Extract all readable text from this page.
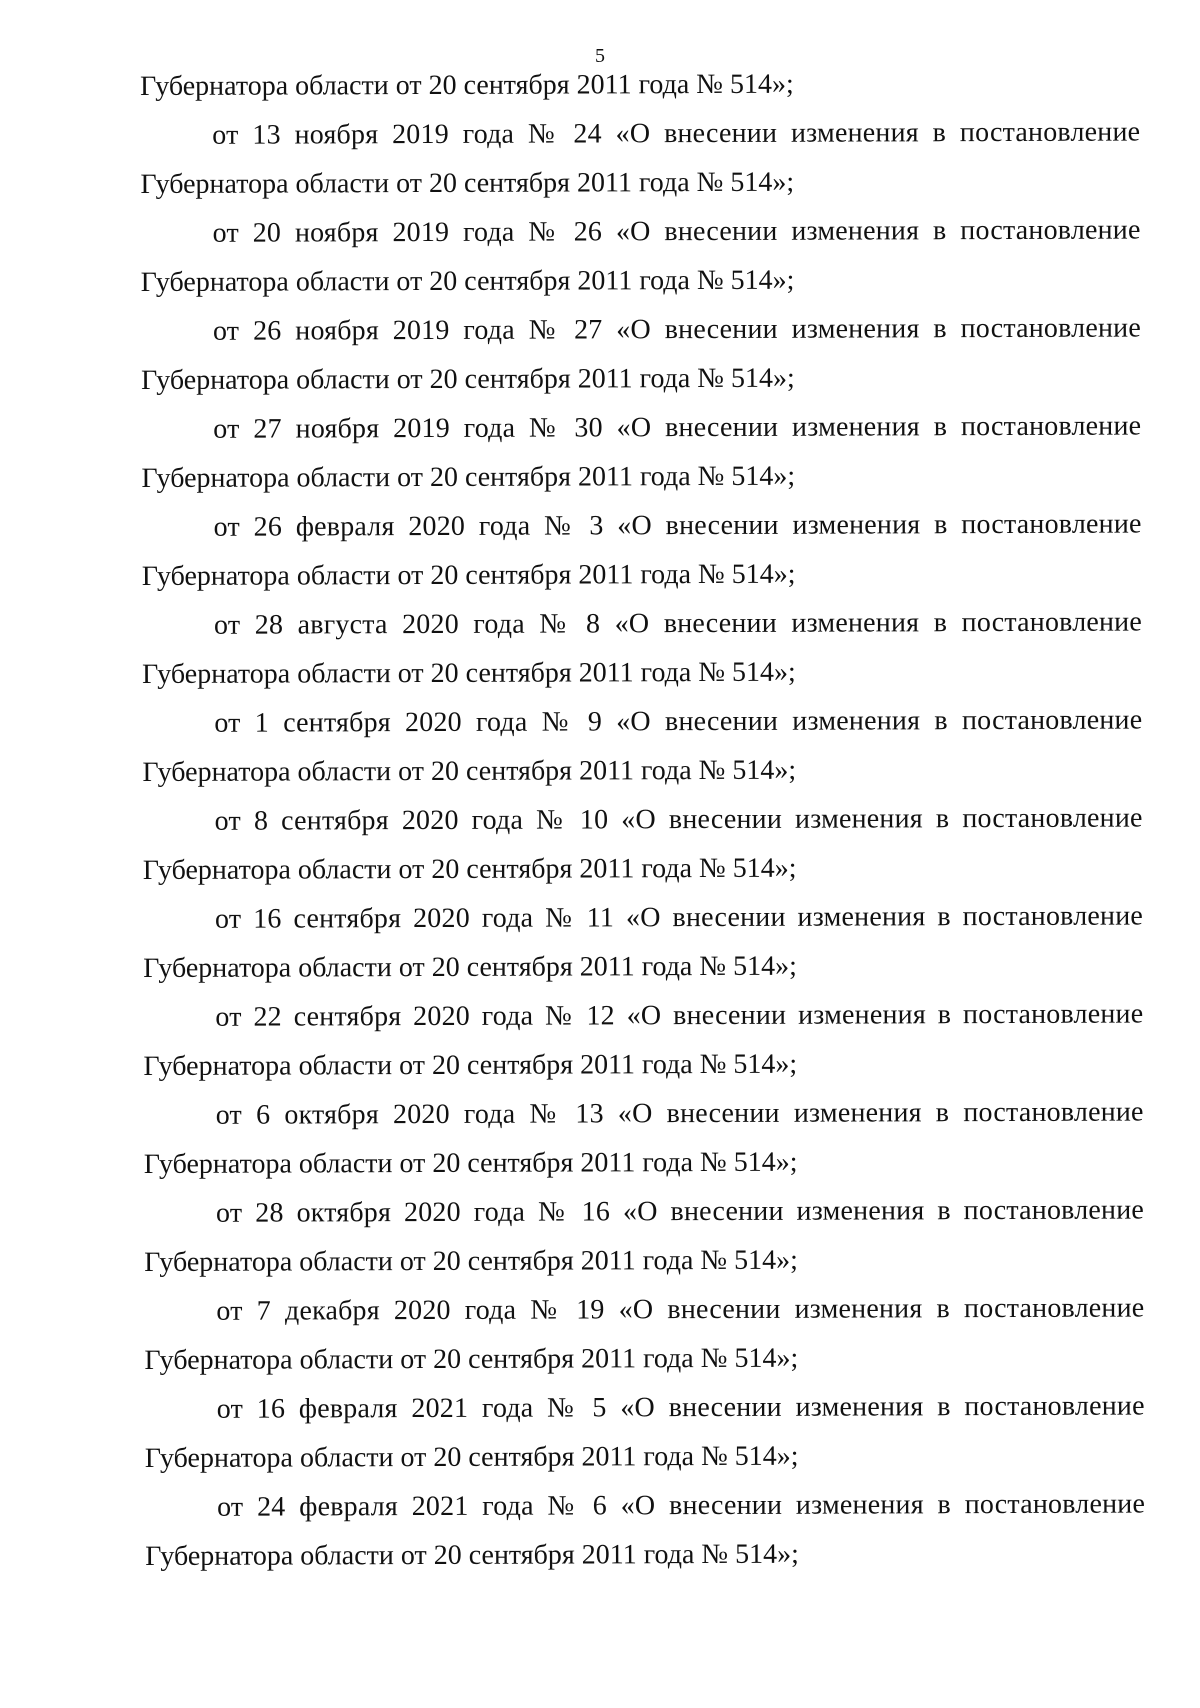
5
Губернатора области от 20 сентября 2011 года № 514»;
от 13 ноября 2019 года № 24 «О внесении изменения в постановление
Губернатора области от 20 сентября 2011 года № 514»;
от 20 ноября 2019 года № 26 «О внесении изменения в постановление
Губернатора области от 20 сентября 2011 года № 514»;
от 26 ноября 2019 года № 27 «О внесении изменения в постановление
Губернатора области от 20 сентября 2011 года № 514»;
от 27 ноября 2019 года № 30 «О внесении изменения в постановление
Губернатора области от 20 сентября 2011 года № 514»;
от 26 февраля 2020 года № 3 «О внесении изменения в постановление
Губернатора области от 20 сентября 2011 года № 514»;
от 28 августа 2020 года № 8 «О внесении изменения в постановление
Губернатора области от 20 сентября 2011 года № 514»;
от 1 сентября 2020 года № 9 «О внесении изменения в постановление
Губернатора области от 20 сентября 2011 года № 514»;
от 8 сентября 2020 года № 10 «О внесении изменения в постановление
Губернатора области от 20 сентября 2011 года № 514»;
от 16 сентября 2020 года № 11 «О внесении изменения в постановление
Губернатора области от 20 сентября 2011 года № 514»;
от 22 сентября 2020 года № 12 «О внесении изменения в постановление
Губернатора области от 20 сентября 2011 года № 514»;
от 6 октября 2020 года № 13 «О внесении изменения в постановление
Губернатора области от 20 сентября 2011 года № 514»;
от 28 октября 2020 года № 16 «О внесении изменения в постановление
Губернатора области от 20 сентября 2011 года № 514»;
от 7 декабря 2020 года № 19 «О внесении изменения в постановление
Губернатора области от 20 сентября 2011 года № 514»;
от 16 февраля 2021 года № 5 «О внесении изменения в постановление
Губернатора области от 20 сентября 2011 года № 514»;
от 24 февраля 2021 года № 6 «О внесении изменения в постановление
Губернатора области от 20 сентября 2011 года № 514»;
